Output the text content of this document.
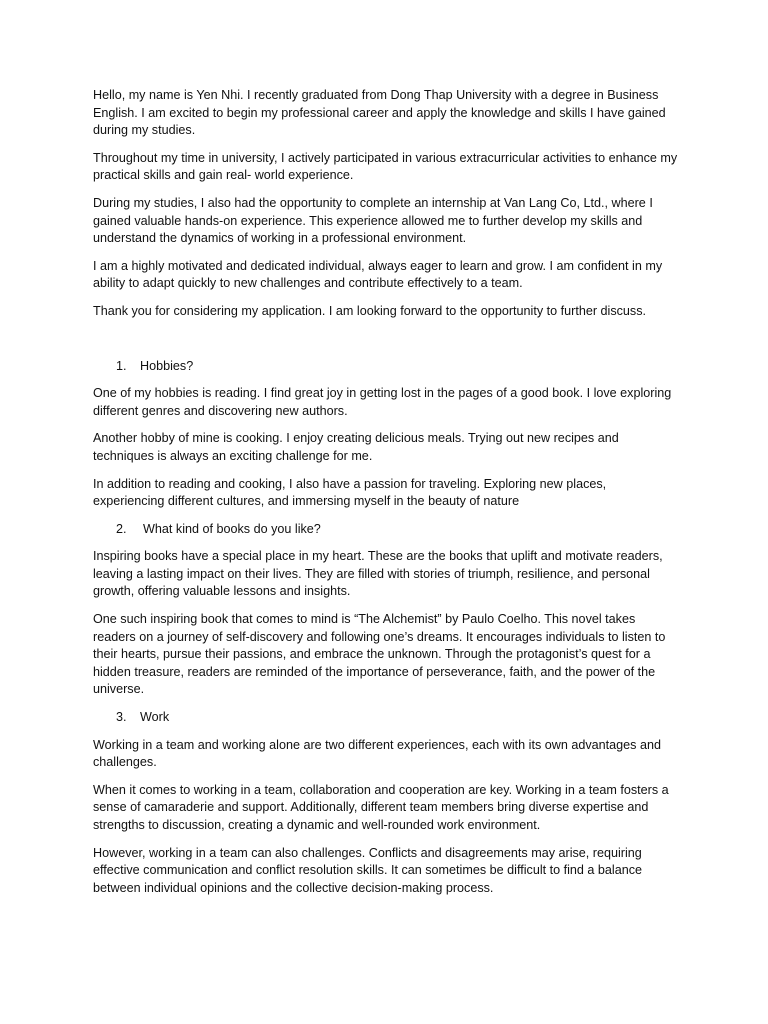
Hello, my name is Yen Nhi. I recently graduated from Dong Thap University with a degree in Business English. I am excited to begin my professional career and apply the knowledge and skills I have gained during my studies.

Throughout my time in university, I actively participated in various extracurricular activities to enhance my practical skills and gain real- world experience.

During my studies, I also had the opportunity to complete an internship at Van Lang Co, Ltd., where I gained valuable hands-on experience. This experience allowed me to further develop my skills and understand the dynamics of working in a professional environment.

I am a highly motivated and dedicated individual, always eager to learn and grow. I am confident in my ability to adapt quickly to new challenges and contribute effectively to a team.

Thank you for considering my application. I am looking forward to the opportunity to further discuss.

1.	Hobbies?

One of my hobbies is reading. I find great joy in getting lost in the pages of a good book. I love exploring different genres and discovering new authors.

Another hobby of mine is cooking. I enjoy creating delicious meals. Trying out new recipes and techniques is always an exciting challenge for me.

In addition to reading and cooking, I also have a passion for traveling. Exploring new places, experiencing different cultures, and immersing myself in the beauty of nature

2.	What kind of books do you like?

Inspiring books have a special place in my heart. These are the books that uplift and motivate readers, leaving a lasting impact on their lives. They are filled with stories of triumph, resilience, and personal growth, offering valuable lessons and insights.

One such inspiring book that comes to mind is “The Alchemist” by Paulo Coelho. This novel takes readers on a journey of self-discovery and following one’s dreams. It encourages individuals to listen to their hearts, pursue their passions, and embrace the unknown. Through the protagonist’s quest for a hidden treasure, readers are reminded of the importance of perseverance, faith, and the power of the universe.

3.	Work

Working in a team and working alone are two different experiences, each with its own advantages and challenges.

When it comes to working in a team, collaboration and cooperation are key. Working in a team fosters a sense of camaraderie and support. Additionally, different team members bring diverse expertise and strengths to discussion, creating a dynamic and well-rounded work environment.

However, working in a team can also challenges. Conflicts and disagreements may arise, requiring effective communication and conflict resolution skills. It can sometimes be difficult to find a balance between individual opinions and the collective decision-making process.
